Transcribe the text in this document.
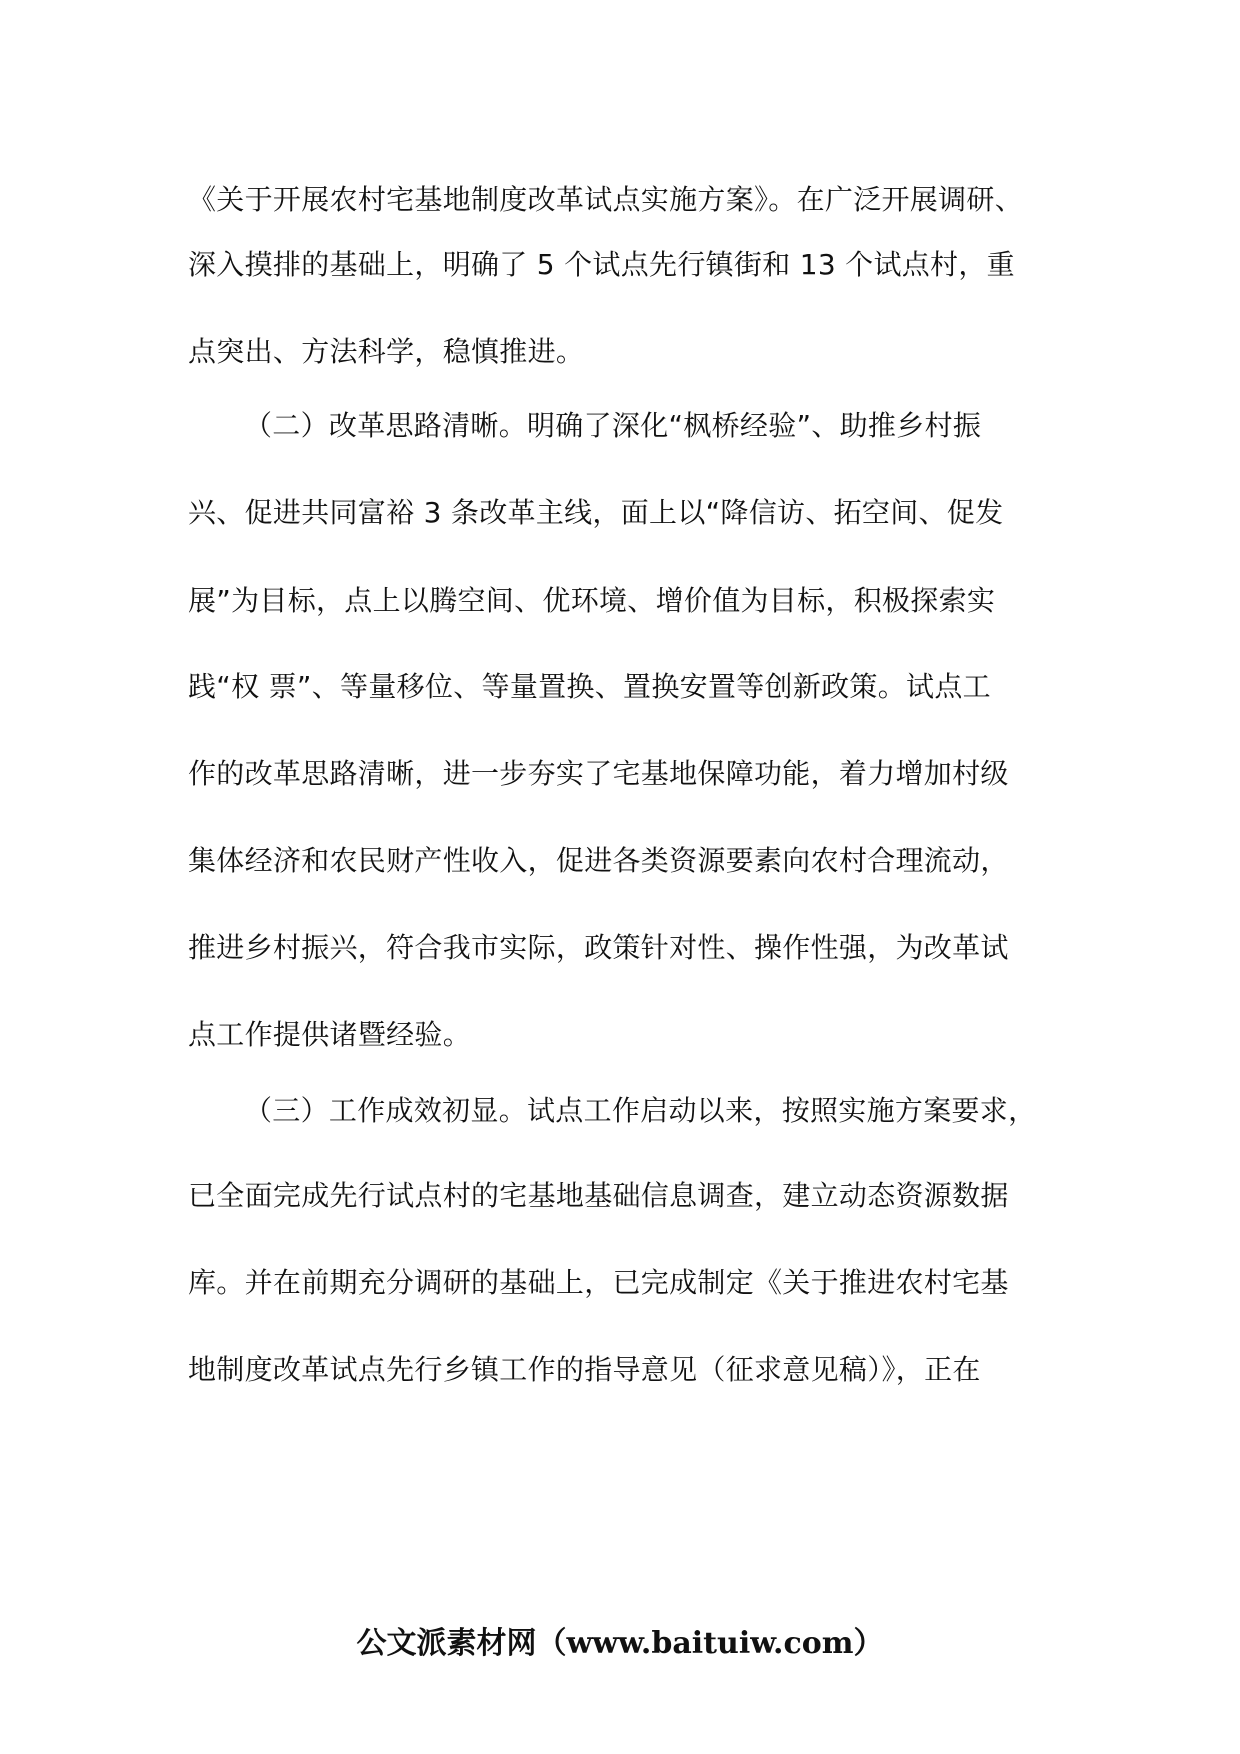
《关于开展农村宅基地制度改革试点实施方案》。在广泛开展调研、

深入摸排的基础上，明确了 5 个试点先行镇街和 13 个试点村，重

点突出、方法科学，稳慎推进。

（二）改革思路清晰。明确了深化“枫桥经验”、助推乡村振

兴、促进共同富裕 3 条改革主线，面上以“降信访、拓空间、促发

展”为目标，点上以腾空间、优环境、增价值为目标，积极探索实

践“权 票”、等量移位、等量置换、置换安置等创新政策。试点工

作的改革思路清晰，进一步夯实了宅基地保障功能，着力增加村级

集体经济和农民财产性收入，促进各类资源要素向农村合理流动，

推进乡村振兴，符合我市实际，政策针对性、操作性强，为改革试

点工作提供诸暨经验。

（三）工作成效初显。试点工作启动以来，按照实施方案要求，

已全面完成先行试点村的宅基地基础信息调查，建立动态资源数据

库。并在前期充分调研的基础上，已完成制定《关于推进农村宅基

地制度改革试点先行乡镇工作的指导意见（征求意见稿）》，正在

公文派素材网（www.baituiw.com）
